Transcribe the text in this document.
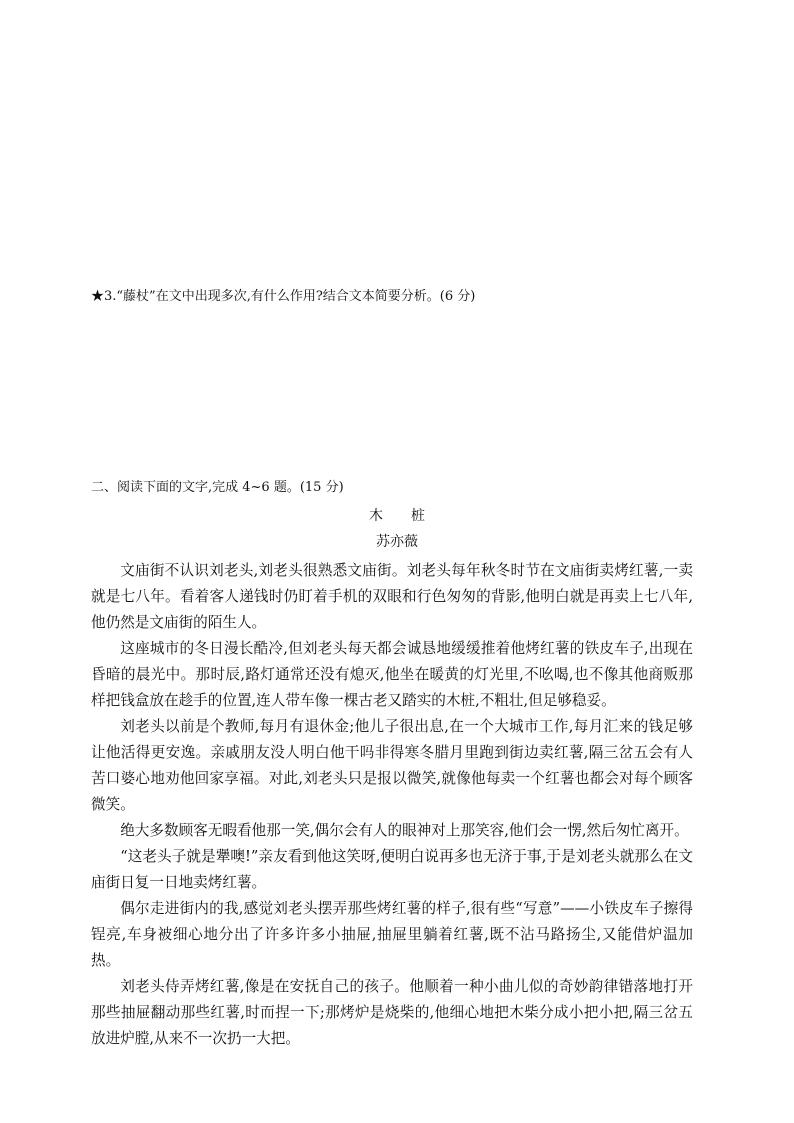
★3.“藤杖”在文中出现多次,有什么作用?结合文本简要分析。(6 分)
二、阅读下面的文字,完成 4~6 题。(15 分)
木 桩
苏亦薇

文庙街不认识刘老头,刘老头很熟悉文庙街。刘老头每年秋冬时节在文庙街卖烤红薯,一卖就是七八年。看着客人递钱时仍盯着手机的双眼和行色匆匆的背影,他明白就是再卖上七八年,他仍然是文庙街的陌生人。

这座城市的冬日漫长酷冷,但刘老头每天都会诚恳地缓缓推着他烤红薯的铁皮车子,出现在昏暗的晨光中。那时辰,路灯通常还没有熄灭,他坐在暖黄的灯光里,不吆喝,也不像其他商贩那样把钱盒放在趁手的位置,连人带车像一棵古老又踏实的木桩,不粗壮,但足够稳妥。

刘老头以前是个教师,每月有退休金;他儿子很出息,在一个大城市工作,每月汇来的钱足够让他活得更安逸。亲戚朋友没人明白他干吗非得寒冬腊月里跑到街边卖红薯,隔三岔五会有人苦口婆心地劝他回家享福。对此,刘老头只是报以微笑,就像他每卖一个红薯也都会对每个顾客微笑。

绝大多数顾客无暇看他那一笑,偶尔会有人的眼神对上那笑容,他们会一愣,然后匆忙离开。

“这老头子就是犟噢!”亲友看到他这笑呀,便明白说再多也无济于事,于是刘老头就那么在文庙街日复一日地卖烤红薯。

偶尔走进街内的我,感觉刘老头摆弄那些烤红薯的样子,很有些“写意”——小铁皮车子擦得锃亮,车身被细心地分出了许多许多小抽屉,抽屉里躺着红薯,既不沾马路扬尘,又能借炉温加热。

刘老头侍弄烤红薯,像是在安抚自己的孩子。他顺着一种小曲儿似的奇妙韵律错落地打开那些抽屉翻动那些红薯,时而捏一下;那烤炉是烧柴的,他细心地把木柴分成小把小把,隔三岔五放进炉膛,从来不一次扔一大把。
